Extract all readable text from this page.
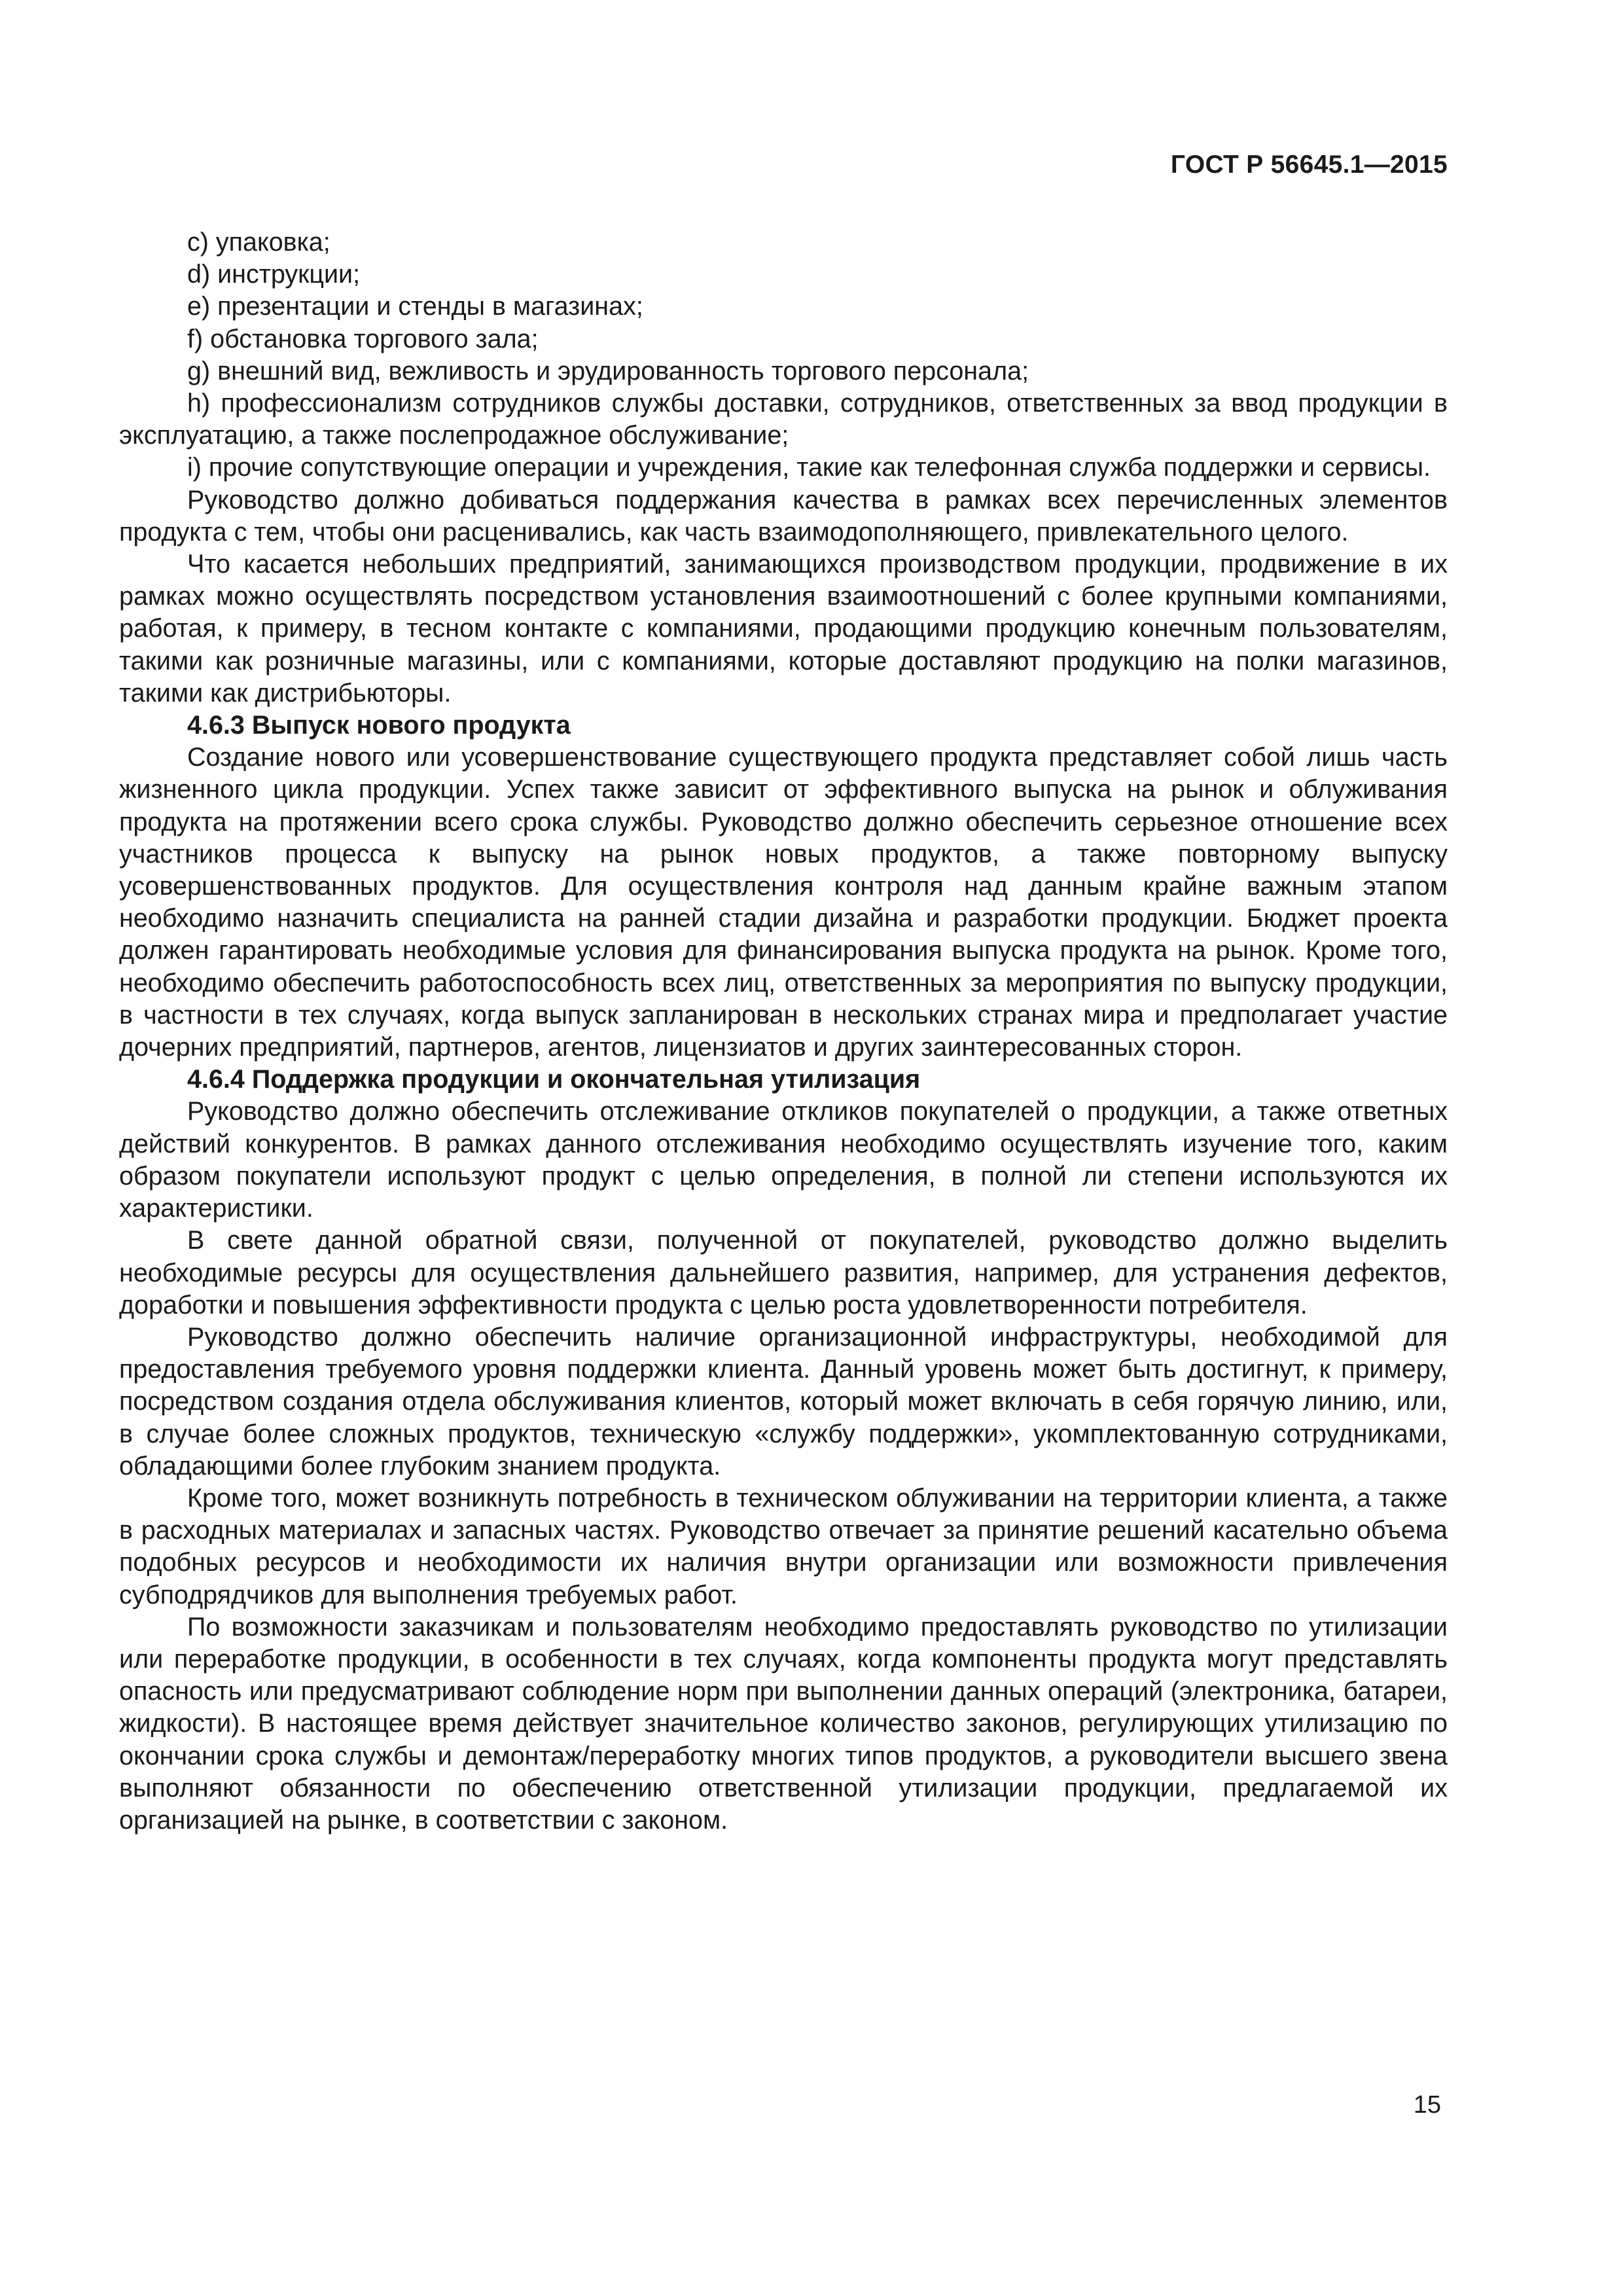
ГОСТ Р 56645.1—2015

c) упаковка;

d) инструкции;

e) презентации и стенды в магазинах;

f) обстановка торгового зала;

g) внешний вид, вежливость и эрудированность торгового персонала;

h) профессионализм сотрудников службы доставки, сотрудников, ответственных за ввод продукции в эксплуатацию, а также послепродажное обслуживание;

i) прочие сопутствующие операции и учреждения, такие как телефонная служба поддержки и сервисы.

Руководство должно добиваться поддержания качества в рамках всех перечисленных элементов продукта с тем, чтобы они расценивались, как часть взаимодополняющего, привлекательного целого.

Что касается небольших предприятий, занимающихся производством продукции, продвижение в их рамках можно осуществлять посредством установления взаимоотношений с более крупными компаниями, работая, к примеру, в тесном контакте с компаниями, продающими продукцию конечным пользователям, такими как розничные магазины, или с компаниями, которые доставляют продукцию на полки магазинов, такими как дистрибьюторы.

4.6.3 Выпуск нового продукта

Создание нового или усовершенствование существующего продукта представляет собой лишь часть жизненного цикла продукции. Успех также зависит от эффективного выпуска на рынок и облуживания продукта на протяжении всего срока службы. Руководство должно обеспечить серьезное отношение всех участников процесса к выпуску на рынок новых продуктов, а также повторному выпуску усовершенствованных продуктов. Для осуществления контроля над данным крайне важным этапом необходимо назначить специалиста на ранней стадии дизайна и разработки продукции. Бюджет проекта должен гарантировать необходимые условия для финансирования выпуска продукта на рынок. Кроме того, необходимо обеспечить работоспособность всех лиц, ответственных за мероприятия по выпуску продукции, в частности в тех случаях, когда выпуск запланирован в нескольких странах мира и предполагает участие дочерних предприятий, партнеров, агентов, лицензиатов и других заинтересованных сторон.

4.6.4 Поддержка продукции и окончательная утилизация

Руководство должно обеспечить отслеживание откликов покупателей о продукции, а также ответных действий конкурентов. В рамках данного отслеживания необходимо осуществлять изучение того, каким образом покупатели используют продукт с целью определения, в полной ли степени используются их характеристики.

В свете данной обратной связи, полученной от покупателей, руководство должно выделить необходимые ресурсы для осуществления дальнейшего развития, например, для устранения дефектов, доработки и повышения эффективности продукта с целью роста удовлетворенности потребителя.

Руководство должно обеспечить наличие организационной инфраструктуры, необходимой для предоставления требуемого уровня поддержки клиента. Данный уровень может быть достигнут, к примеру, посредством создания отдела обслуживания клиентов, который может включать в себя горячую линию, или, в случае более сложных продуктов, техническую «службу поддержки», укомплектованную сотрудниками, обладающими более глубоким знанием продукта.

Кроме того, может возникнуть потребность в техническом облуживании на территории клиента, а также в расходных материалах и запасных частях. Руководство отвечает за принятие решений касательно объема подобных ресурсов и необходимости их наличия внутри организации или возможности привлечения субподрядчиков для выполнения требуемых работ.

По возможности заказчикам и пользователям необходимо предоставлять руководство по утилизации или переработке продукции, в особенности в тех случаях, когда компоненты продукта могут представлять опасность или предусматривают соблюдение норм при выполнении данных операций (электроника, батареи, жидкости). В настоящее время действует значительное количество законов, регулирующих утилизацию по окончании срока службы и демонтаж/переработку многих типов продуктов, а руководители высшего звена выполняют обязанности по обеспечению ответственной утилизации продукции, предлагаемой их организацией на рынке, в соответствии с законом.

15
